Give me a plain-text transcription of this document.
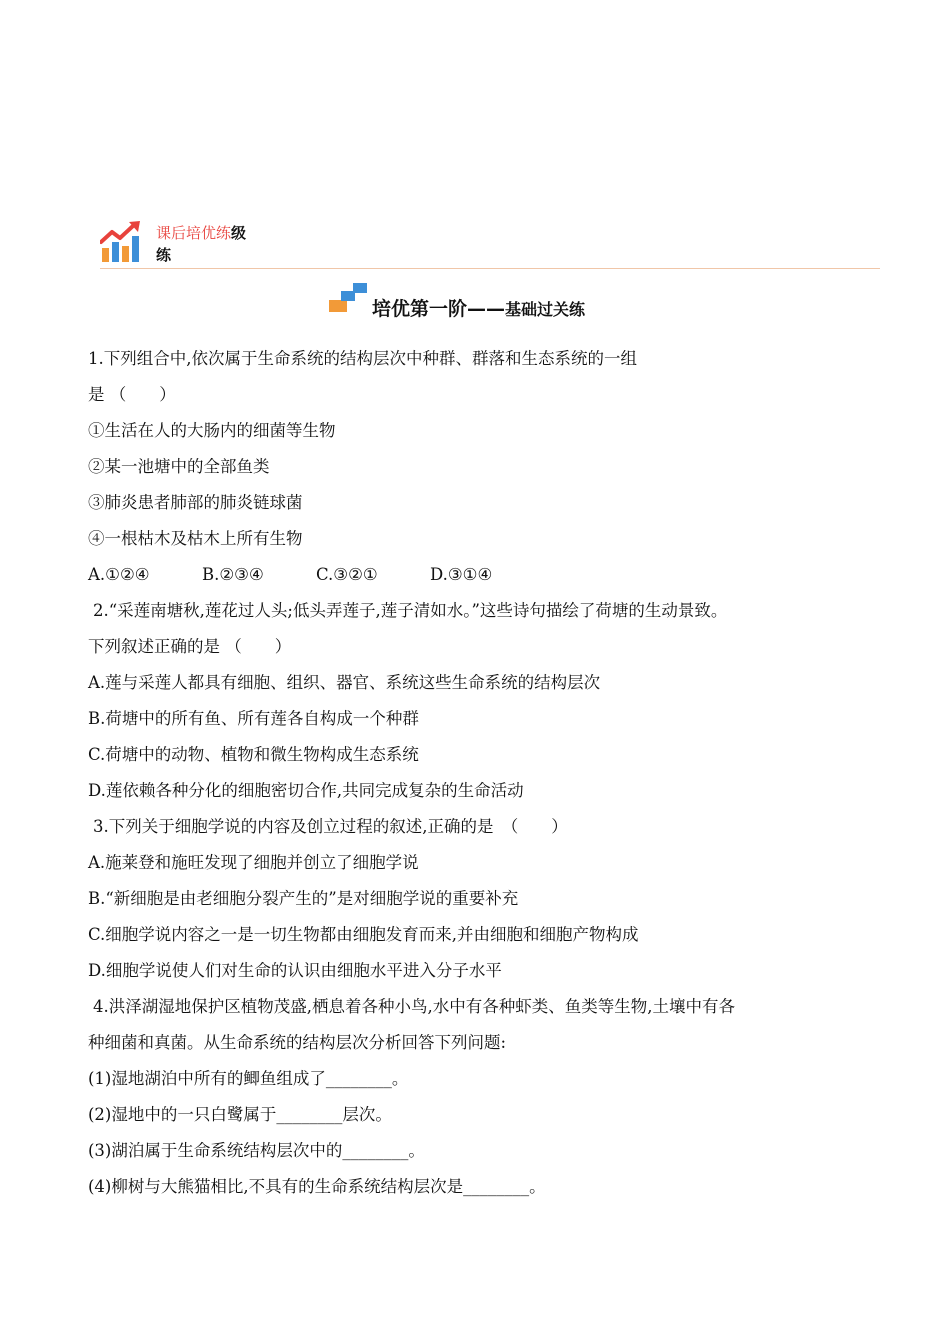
课后培优练级
练
培优第一阶——基础过关练
1.下列组合中,依次属于生命系统的结构层次中种群、群落和生态系统的一组
是 （　　）
①生活在人的大肠内的细菌等生物
②某一池塘中的全部鱼类
③肺炎患者肺部的肺炎链球菌
④一根枯木及枯木上所有生物
A.①②④	B.②③④	C.③②①	D.③①④
2.“采莲南塘秋,莲花过人头;低头弄莲子,莲子清如水。”这些诗句描绘了荷塘的生动景致。
下列叙述正确的是 （　　）
A.莲与采莲人都具有细胞、组织、器官、系统这些生命系统的结构层次
B.荷塘中的所有鱼、所有莲各自构成一个种群
C.荷塘中的动物、植物和微生物构成生态系统
D.莲依赖各种分化的细胞密切合作,共同完成复杂的生命活动
3.下列关于细胞学说的内容及创立过程的叙述,正确的是　（　　）
A.施莱登和施旺发现了细胞并创立了细胞学说
B.“新细胞是由老细胞分裂产生的”是对细胞学说的重要补充
C.细胞学说内容之一是一切生物都由细胞发育而来,并由细胞和细胞产物构成
D.细胞学说使人们对生命的认识由细胞水平进入分子水平
4.洪泽湖湿地保护区植物茂盛,栖息着各种小鸟,水中有各种虾类、鱼类等生物,土壤中有各
种细菌和真菌。从生命系统的结构层次分析回答下列问题:
(1)湿地湖泊中所有的鲫鱼组成了________。
(2)湿地中的一只白鹭属于________层次。
(3)湖泊属于生命系统结构层次中的________。
(4)柳树与大熊猫相比,不具有的生命系统结构层次是________。
